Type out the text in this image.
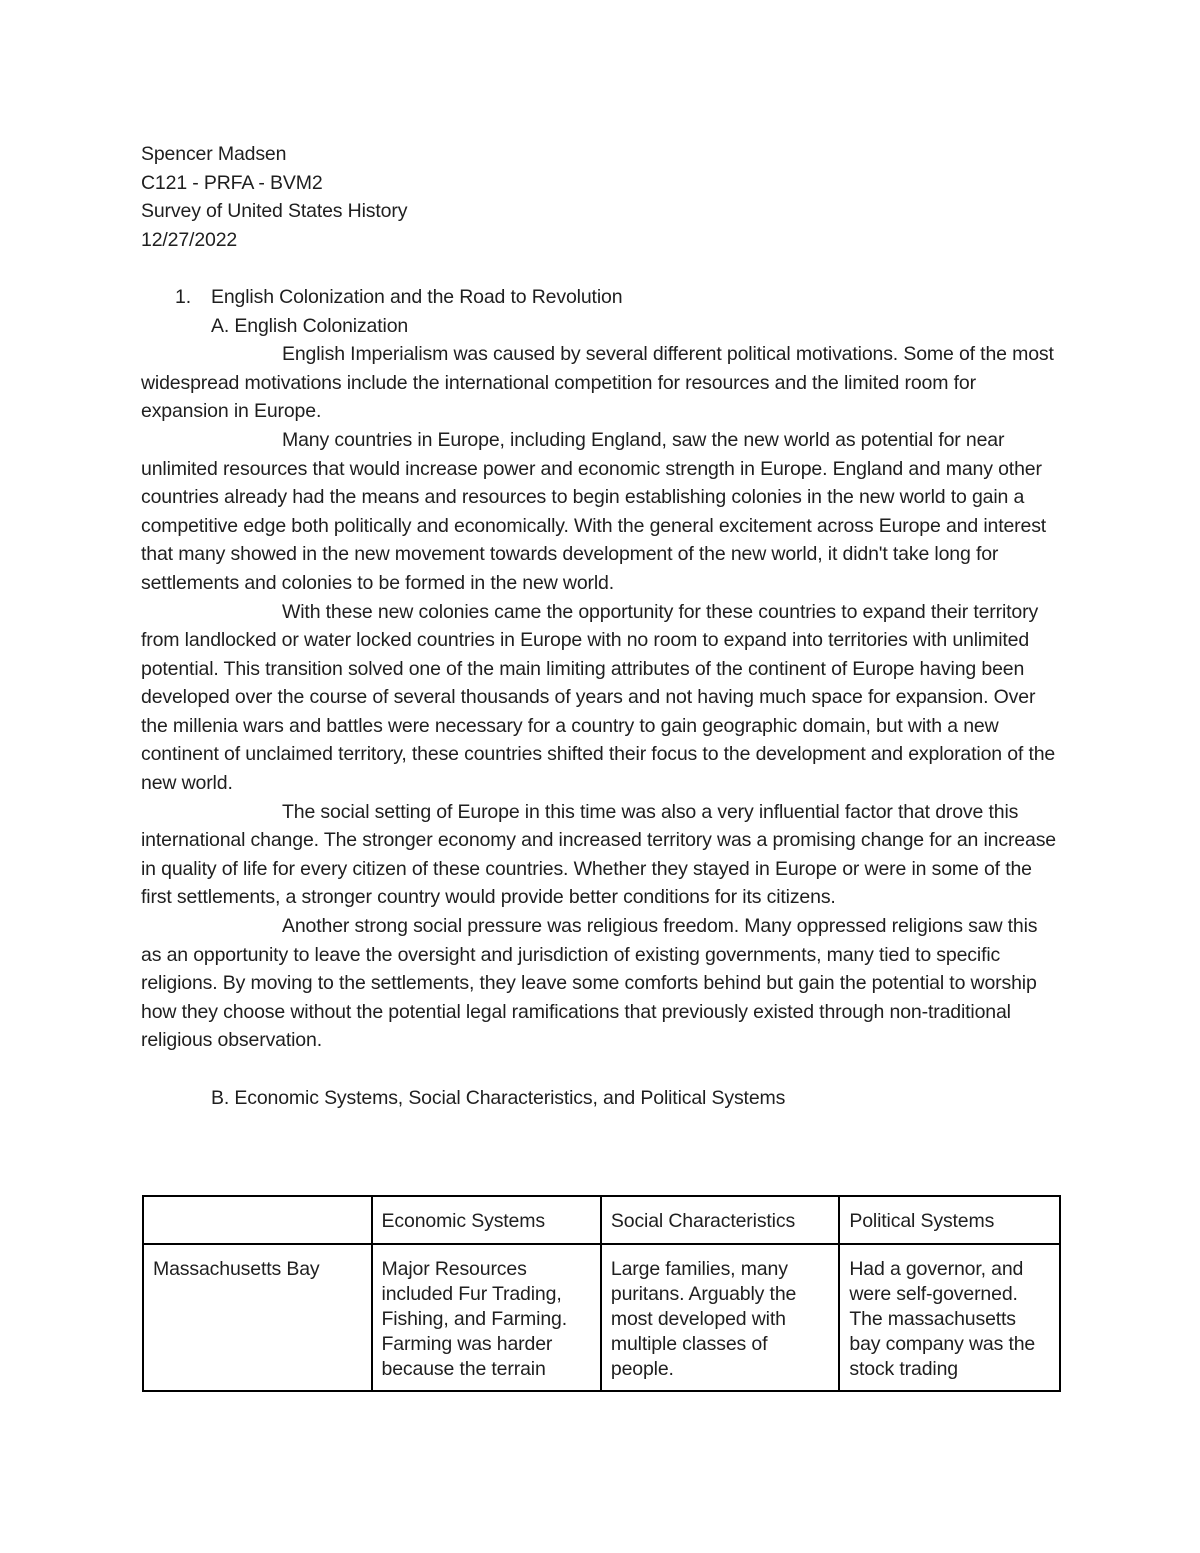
Spencer Madsen
C121 - PRFA - BVM2
Survey of United States History
12/27/2022
1. English Colonization and the Road to Revolution
A. English Colonization
English Imperialism was caused by several different political motivations. Some of the most widespread motivations include the international competition for resources and the limited room for expansion in Europe.
Many countries in Europe, including England, saw the new world as potential for near unlimited resources that would increase power and economic strength in Europe. England and many other countries already had the means and resources to begin establishing colonies in the new world to gain a competitive edge both politically and economically. With the general excitement across Europe and interest that many showed in the new movement towards development of the new world, it didn't take long for settlements and colonies to be formed in the new world.
With these new colonies came the opportunity for these countries to expand their territory from landlocked or water locked countries in Europe with no room to expand into territories with unlimited potential. This transition solved one of the main limiting attributes of the continent of Europe having been developed over the course of several thousands of years and not having much space for expansion. Over the millenia wars and battles were necessary for a country to gain geographic domain, but with a new continent of unclaimed territory, these countries shifted their focus to the development and exploration of the new world.
The social setting of Europe in this time was also a very influential factor that drove this international change. The stronger economy and increased territory was a promising change for an increase in quality of life for every citizen of these countries. Whether they stayed in Europe or were in some of the first settlements, a stronger country would provide better conditions for its citizens.
Another strong social pressure was religious freedom. Many oppressed religions saw this as an opportunity to leave the oversight and jurisdiction of existing governments, many tied to specific religions. By moving to the settlements, they leave some comforts behind but gain the potential to worship how they choose without the potential legal ramifications that previously existed through non-traditional religious observation.
B. Economic Systems, Social Characteristics, and Political Systems
	Economic Systems	Social Characteristics	Political Systems
Massachusetts Bay	Major Resources included Fur Trading, Fishing, and Farming. Farming was harder because the terrain	Large families, many puritans. Arguably the most developed with multiple classes of people.	Had a governor, and were self-governed. The massachusetts bay company was the stock trading
